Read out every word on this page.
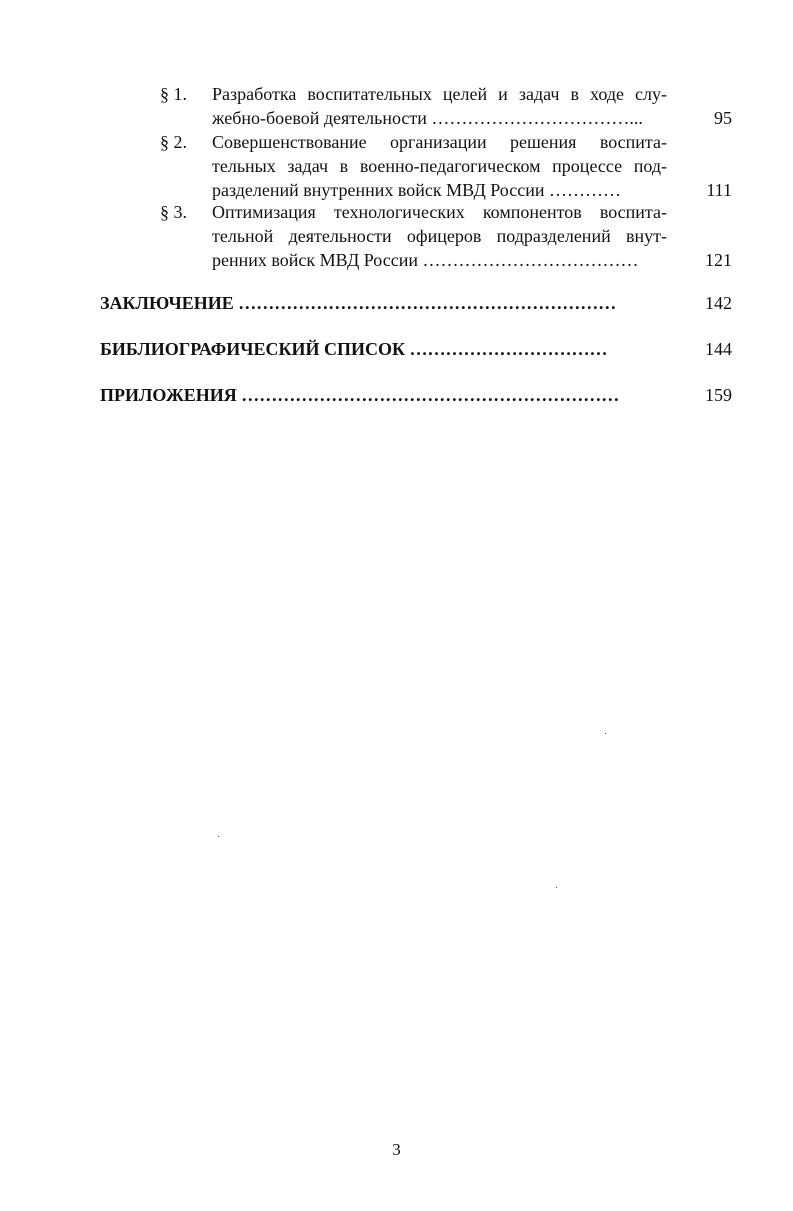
§ 1. Разработка воспитательных целей и задач в ходе слу-
жебно-боевой деятельности ……………………………...	95
§ 2. Совершенствование организации решения воспита-
тельных задач в военно-педагогическом процессе под-
разделений внутренних войск МВД России …………	111
§ 3. Оптимизация технологических компонентов воспита-
тельной деятельности офицеров подразделений внут-
ренних войск МВД России ………………………………	121
ЗАКЛЮЧЕНИЕ ………………………………………………………	142
БИБЛИОГРАФИЧЕСКИЙ СПИСОК ……………………………	144
ПРИЛОЖЕНИЯ ………………………………………………………	159
3
